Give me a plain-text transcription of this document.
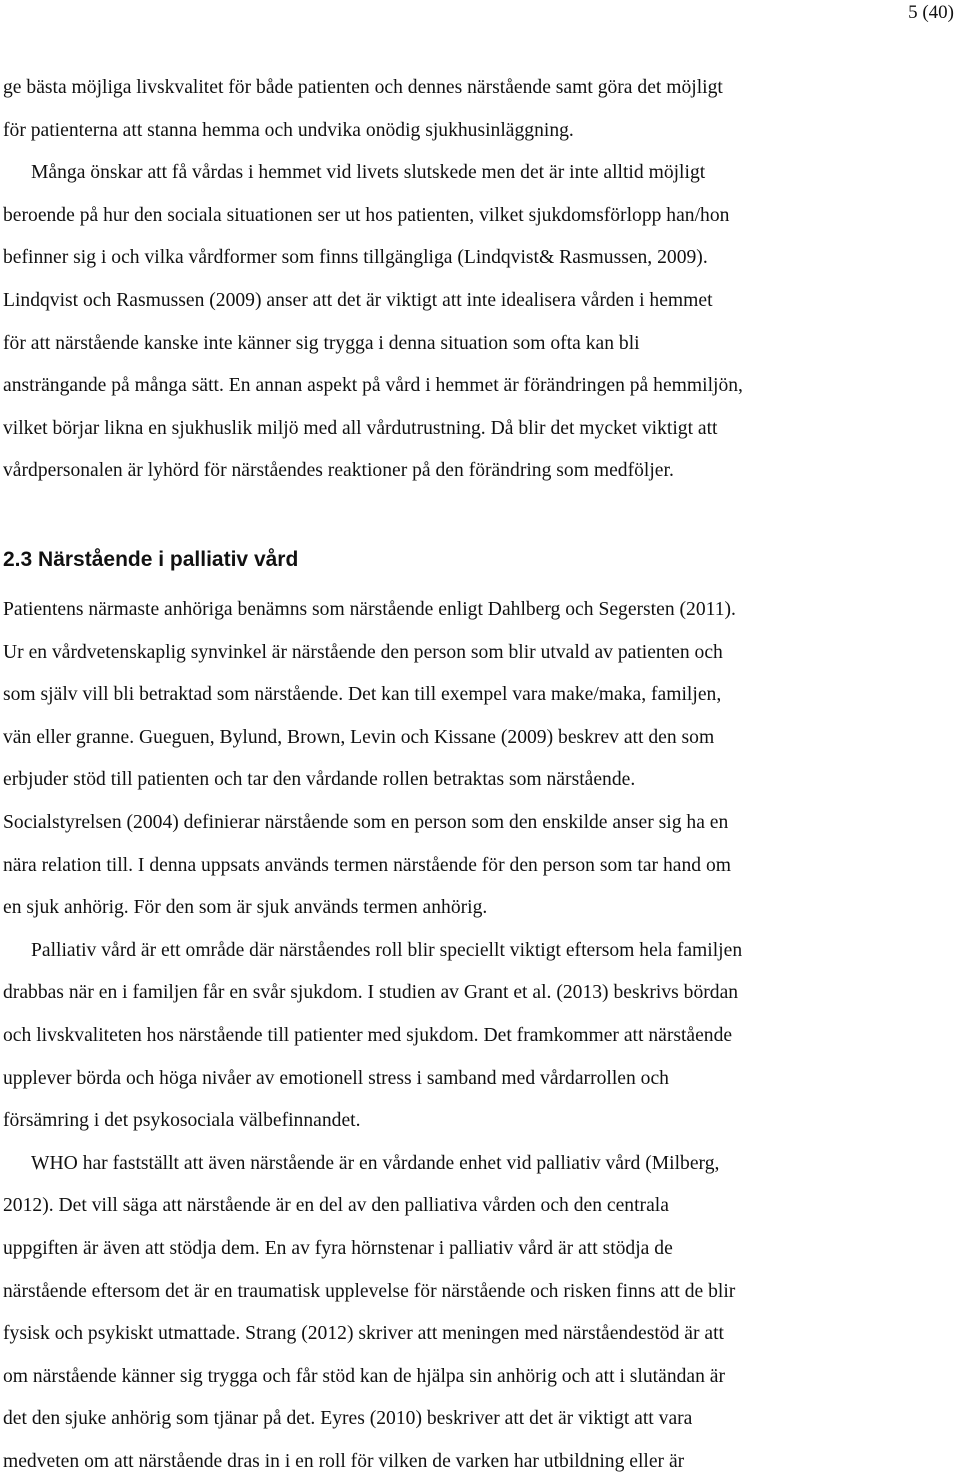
5 (40)
ge bästa möjliga livskvalitet för både patienten och dennes närstående samt göra det möjligt
för patienterna att stanna hemma och undvika onödig sjukhusinläggning.
Många önskar att få vårdas i hemmet vid livets slutskede men det är inte alltid möjligt
beroende på hur den sociala situationen ser ut hos patienten, vilket sjukdomsförlopp han/hon
befinner sig i och vilka vårdformer som finns tillgängliga (Lindqvist& Rasmussen, 2009).
Lindqvist och Rasmussen (2009) anser att det är viktigt att inte idealisera vården i hemmet
för att närstående kanske inte känner sig trygga i denna situation som ofta kan bli
ansträngande på många sätt. En annan aspekt på vård i hemmet är förändringen på hemmiljön,
vilket börjar likna en sjukhuslik miljö med all vårdutrustning. Då blir det mycket viktigt att
vårdpersonalen är lyhörd för närståendes reaktioner på den förändring som medföljer.
2.3 Närstående i palliativ vård
Patientens närmaste anhöriga benämns som närstående enligt Dahlberg och Segersten (2011).
Ur en vårdvetenskaplig synvinkel är närstående den person som blir utvald av patienten och
som själv vill bli betraktad som närstående. Det kan till exempel vara make/maka, familjen,
vän eller granne. Gueguen, Bylund, Brown, Levin och Kissane (2009) beskrev att den som
erbjuder stöd till patienten och tar den vårdande rollen betraktas som närstående.
Socialstyrelsen (2004) definierar närstående som en person som den enskilde anser sig ha en
nära relation till. I denna uppsats används termen närstående för den person som tar hand om
en sjuk anhörig. För den som är sjuk används termen anhörig.
Palliativ vård är ett område där närståendes roll blir speciellt viktigt eftersom hela familjen
drabbas när en i familjen får en svår sjukdom. I studien av Grant et al. (2013) beskrivs bördan
och livskvaliteten hos närstående till patienter med sjukdom. Det framkommer att närstående
upplever börda och höga nivåer av emotionell stress i samband med vårdarrollen och
försämring i det psykosociala välbefinnandet.
WHO har fastställt att även närstående är en vårdande enhet vid palliativ vård (Milberg,
2012). Det vill säga att närstående är en del av den palliativa vården och den centrala
uppgiften är även att stödja dem. En av fyra hörnstenar i palliativ vård är att stödja de
närstående eftersom det är en traumatisk upplevelse för närstående och risken finns att de blir
fysisk och psykiskt utmattade. Strang (2012) skriver att meningen med närståendestöd är att
om närstående känner sig trygga och får stöd kan de hjälpa sin anhörig och att i slutändan är
det den sjuke anhörig som tjänar på det. Eyres (2010) beskriver att det är viktigt att vara
medveten om att närstående dras in i en roll för vilken de varken har utbildning eller är
